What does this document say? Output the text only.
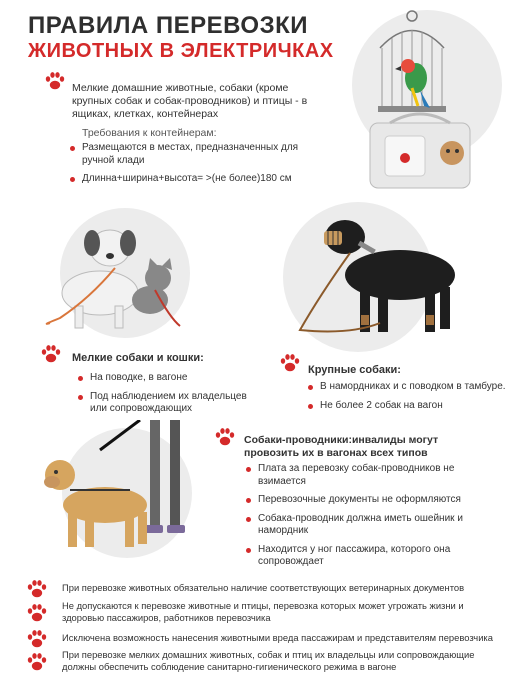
ПРАВИЛА ПЕРЕВОЗКИ
ЖИВОТНЫХ В ЭЛЕКТРИЧКАХ
Мелкие домашние животные, собаки (кроме крупных собак и собак-проводников) и птицы - в ящиках, клетках, контейнерах
Требования к контейнерам:
Размещаются в местах, предназначенных для ручной клади
Длинна+ширина+высота= >(не более)180 см
Мелкие собаки и кошки:
На поводке, в вагоне
Под наблюдением их владельцев или сопровождающих
Крупные собаки:
В намордниках и с поводком в тамбуре.
Не более 2 собак на вагон
Собаки-проводники:инвалиды могут провозить их в вагонах всех типов
Плата за перевозку собак-проводников не взимается
Перевозочные документы не оформляются
Собака-проводник должна иметь ошейник и намордник
Находится у ног пассажира, которого она сопровождает
При перевозке животных обязательно наличие соответствующих ветеринарных документов
Не допускаются к перевозке животные и птицы, перевозка которых может угрожать жизни и здоровью пассажиров, работников перевозчика
Исключена возможность нанесения животными вреда пассажирам и представителям перевозчика
При перевозке мелких домашних животных, собак и птиц их владельцы или сопровождающие должны обеспечить соблюдение санитарно-гигиенического режима в вагоне
